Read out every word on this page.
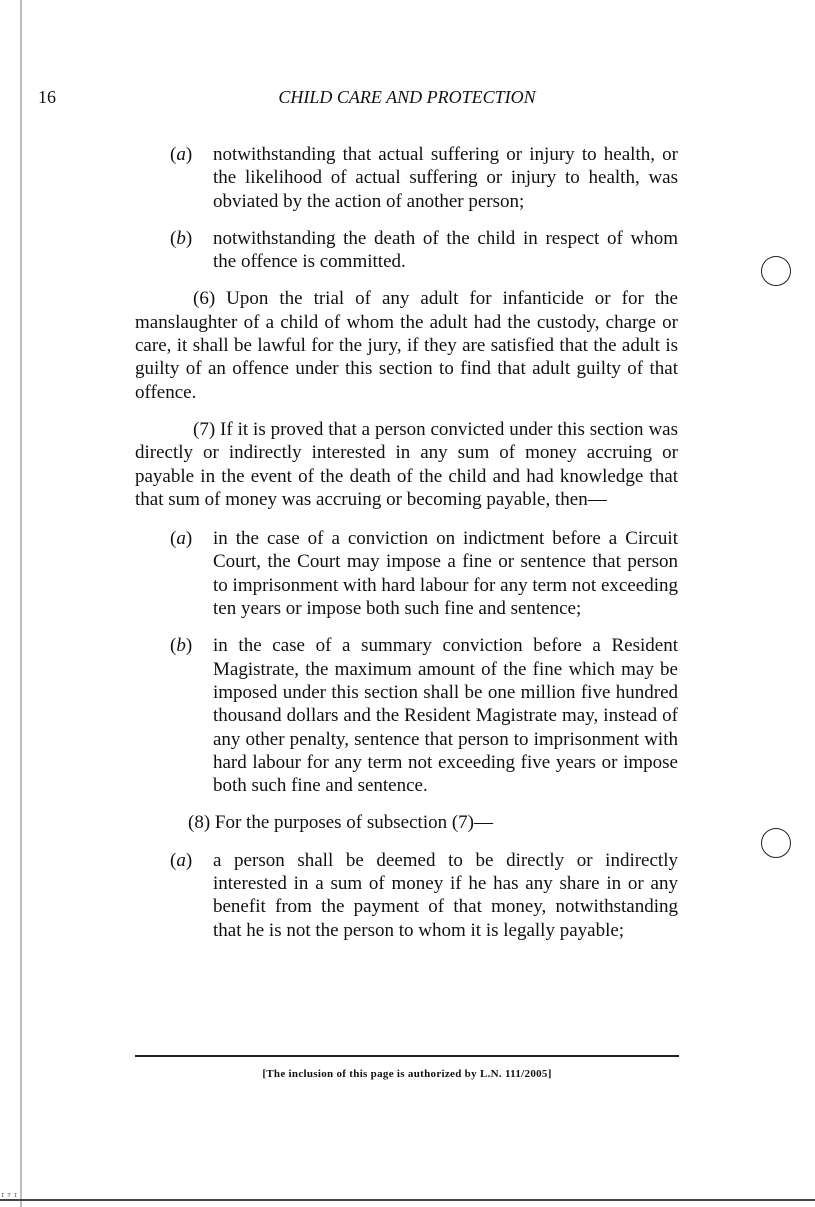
ᴵᵀᴵ
16	CHILD CARE AND PROTECTION
(a) notwithstanding that actual suffering or injury to health, or the likelihood of actual suffering or injury to health, was obviated by the action of another person;
(b) notwithstanding the death of the child in respect of whom the offence is committed.

(6) Upon the trial of any adult for infanticide or for the manslaughter of a child of whom the adult had the custody, charge or care, it shall be lawful for the jury, if they are satisfied that the adult is guilty of an offence under this section to find that adult guilty of that offence.

(7) If it is proved that a person convicted under this section was directly or indirectly interested in any sum of money accruing or payable in the event of the death of the child and had knowledge that that sum of money was accruing or becoming payable, then—

(a) in the case of a conviction on indictment before a Circuit Court, the Court may impose a fine or sentence that person to imprisonment with hard labour for any term not exceeding ten years or impose both such fine and sentence;
(b) in the case of a summary conviction before a Resident Magistrate, the maximum amount of the fine which may be imposed under this section shall be one million five hundred thousand dollars and the Resident Magistrate may, instead of any other penalty, sentence that person to imprisonment with hard labour for any term not exceeding five years or impose both such fine and sentence.
(8) For the purposes of subsection (7)—
(a) a person shall be deemed to be directly or indirectly interested in a sum of money if he has any share in or any benefit from the payment of that money, notwithstanding that he is not the person to whom it is legally payable;
[The inclusion of this page is authorized by L.N. 111/2005]
